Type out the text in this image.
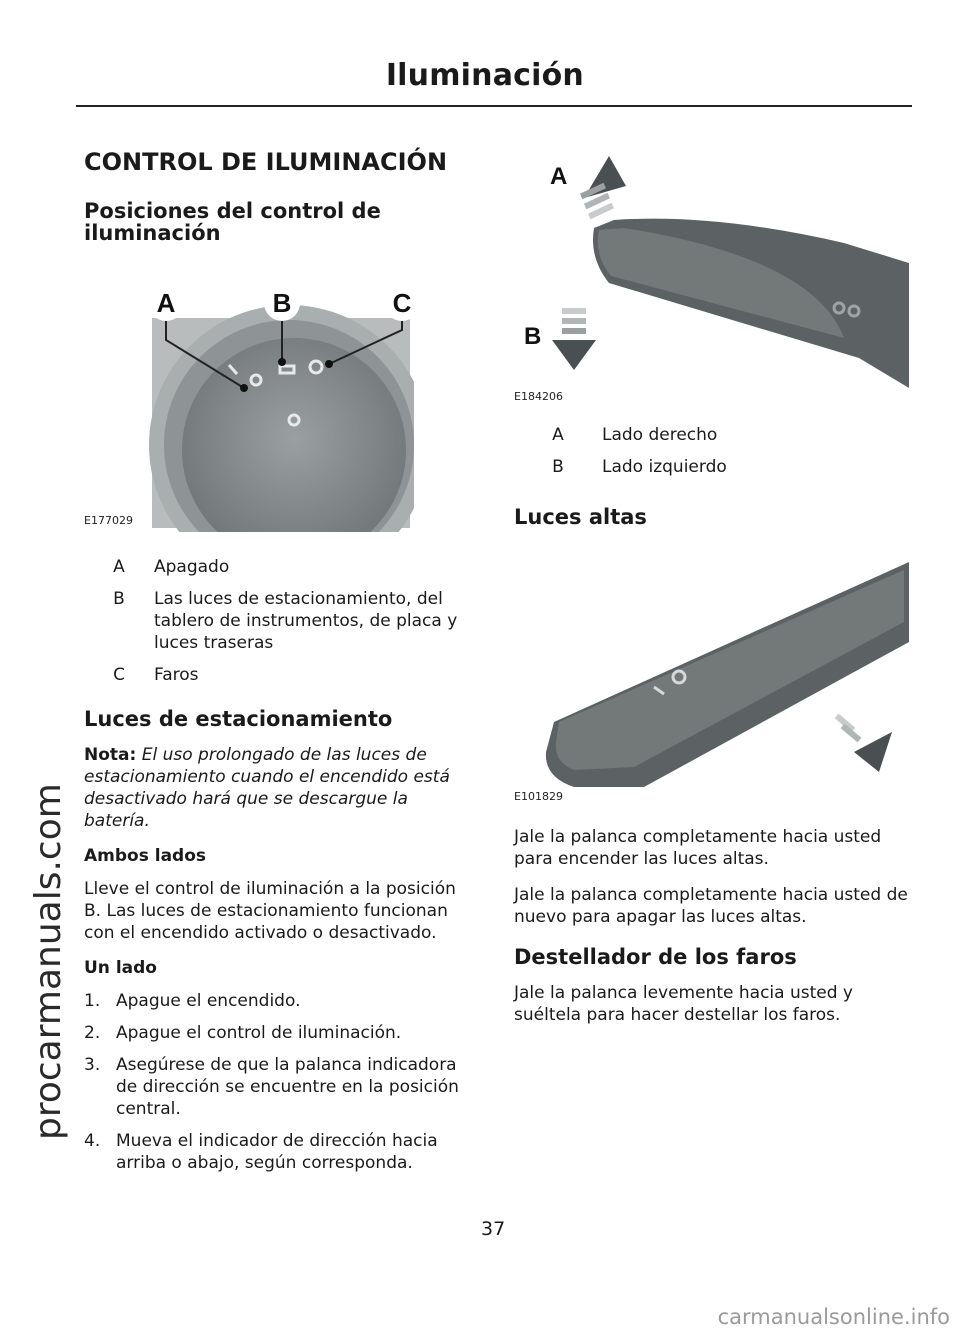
Iluminación
procarmanuals.com
CONTROL DE ILUMINACIÓN
Posiciones del control de iluminación
A	B	C
E177029
A	Apagado
B	Las luces de estacionamiento, del tablero de instrumentos, de placa y luces traseras
C	Faros
Luces de estacionamiento

Nota: El uso prolongado de las luces de estacionamiento cuando el encendido está desactivado hará que se descargue la batería.

Ambos lados

Lleve el control de iluminación a la posición B. Las luces de estacionamiento funcionan con el encendido activado o desactivado.

Un lado
1. Apague el encendido.
2. Apague el control de iluminación.
3. Asegúrese de que la palanca indicadora de dirección se encuentre en la posición central.
4. Mueva el indicador de dirección hacia arriba o abajo, según corresponda.
A
B
E184206
A	Lado derecho
B	Lado izquierdo
Luces altas
E101829

Jale la palanca completamente hacia usted para encender las luces altas.

Jale la palanca completamente hacia usted de nuevo para apagar las luces altas.

Destellador de los faros

Jale la palanca levemente hacia usted y suéltela para hacer destellar los faros.

37
carmanualsonline.info
